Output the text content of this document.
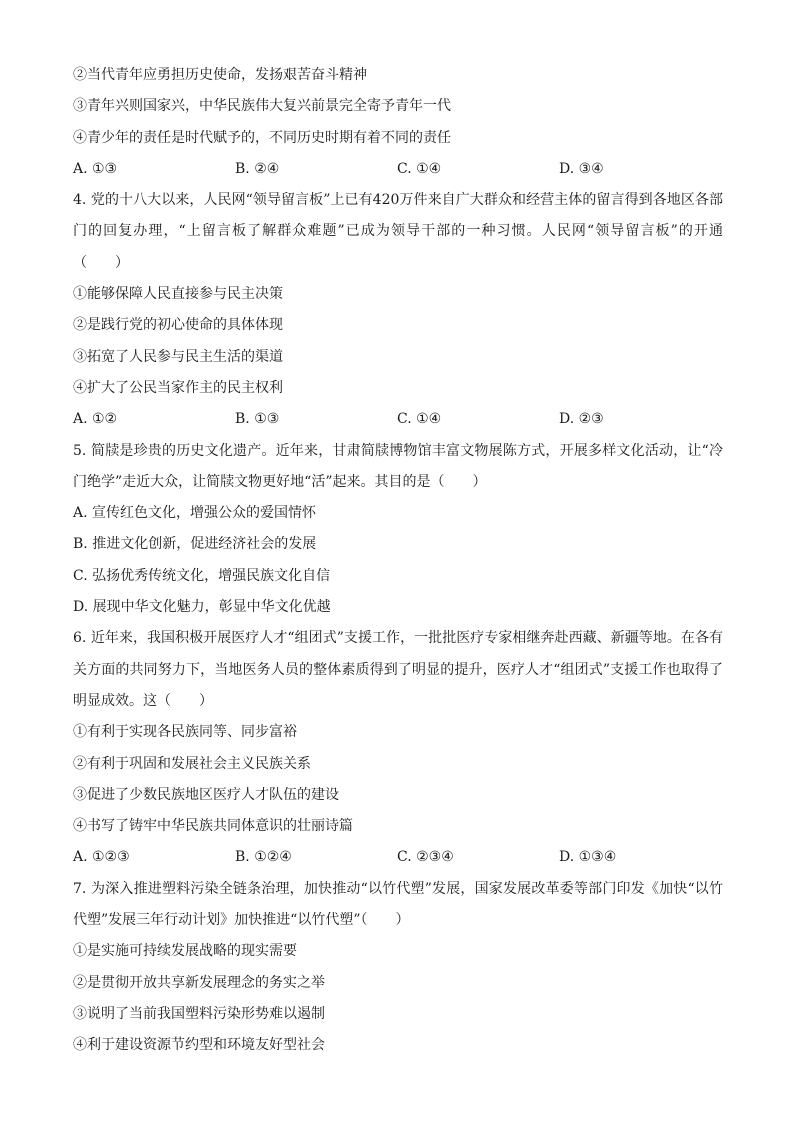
②当代青年应勇担历史使命，发扬艰苦奋斗精神
③青年兴则国家兴，中华民族伟大复兴前景完全寄予青年一代
④青少年的责任是时代赋予的，不同历史时期有着不同的责任
A. ①③	B. ②④	C. ①④	D. ③④
4. 党的十八大以来，人民网“领导留言板”上已有420万件来自广大群众和经营主体的留言得到各地区各部门的回复办理，“上留言板了解群众难题”已成为领导干部的一种习惯。人民网“领导留言板”的开通（　　）
①能够保障人民直接参与民主决策
②是践行党的初心使命的具体体现
③拓宽了人民参与民主生活的渠道
④扩大了公民当家作主的民主权利
A. ①②	B. ①③	C. ①④	D. ②③
5. 简牍是珍贵的历史文化遗产。近年来，甘肃简牍博物馆丰富文物展陈方式，开展多样文化活动，让“冷门绝学”走近大众，让简牍文物更好地“活”起来。其目的是（　　）
A. 宣传红色文化，增强公众的爱国情怀
B. 推进文化创新，促进经济社会的发展
C. 弘扬优秀传统文化，增强民族文化自信
D. 展现中华文化魅力，彰显中华文化优越
6. 近年来，我国积极开展医疗人才“组团式”支援工作，一批批医疗专家相继奔赴西藏、新疆等地。在各有关方面的共同努力下，当地医务人员的整体素质得到了明显的提升，医疗人才“组团式”支援工作也取得了明显成效。这（　　）
①有利于实现各民族同等、同步富裕
②有利于巩固和发展社会主义民族关系
③促进了少数民族地区医疗人才队伍的建设
④书写了铸牢中华民族共同体意识的壮丽诗篇
A. ①②③	B. ①②④	C. ②③④	D. ①③④
7. 为深入推进塑料污染全链条治理，加快推动“以竹代塑”发展，国家发展改革委等部门印发《加快“以竹代塑”发展三年行动计划》加快推进“以竹代塑”（　　）
①是实施可持续发展战略的现实需要
②是贯彻开放共享新发展理念的务实之举
③说明了当前我国塑料污染形势难以遏制
④利于建设资源节约型和环境友好型社会
